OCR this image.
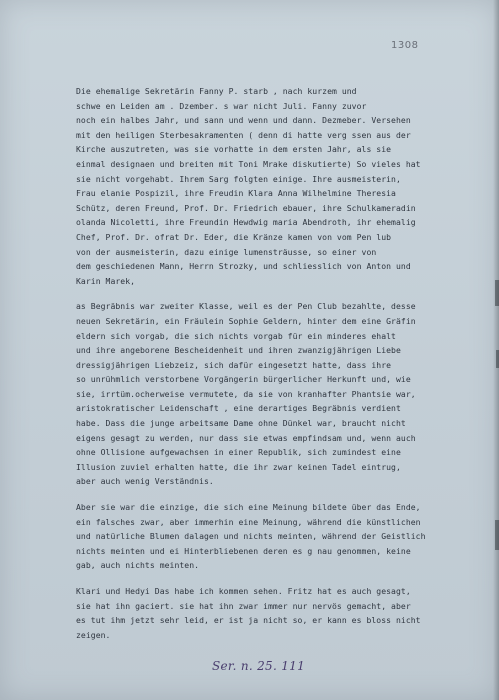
1308
Die ehemalige Sekretärin Fanny P. starb , nach kurzem und
schwe en Leiden am . Dzember. s war nicht Juli. Fanny zuvor
noch ein halbes Jahr, und sann und wenn und dann. Dezmeber. Versehen
mit den heiligen Sterbesakramenten ( denn di hatte verg ssen aus der
Kirche auszutreten, was sie vorhatte in dem ersten Jahr, als sie
einmal designaen und breiten mit Toni Mrake diskutierte) So vieles hat
sie nicht vorgehabt. Ihrem Sarg folgten einige. Ihre ausmeisterin,
Frau elanie Pospizil, ihre Freudin Klara Anna Wilhelmine Theresia
Schütz, deren Freund, Prof. Dr. Friedrich ebauer, ihre Schulkameradin
olanda Nicoletti, ihre Freundin Hewdwig maria Abendroth, ihr ehemalig
Chef, Prof. Dr. ofrat Dr. Eder, die Kränze kamen von vom Pen lub
von der ausmeisterin, dazu einige lumensträusse, so einer von
dem geschiedenen Mann, Herrn Strozky, und schliesslich von Anton und
Karin Marek,
as Begräbnis war zweiter Klasse, weil es der Pen Club bezahlte, desse
neuen Sekretärin, ein Fräulein Sophie Geldern, hinter dem eine Gräfin
eldern sich vorgab, die sich nichts vorgab für ein minderes ehalt
und ihre angeborene Bescheidenheit und ihren zwanzigjährigen Liebe
dressigjährigen Liebzeiz, sich dafür eingesetzt hatte, dass ihre
so unrühmlich verstorbene Vorgängerin bürgerlicher Herkunft und, wie
sie, irrtüm.ocherweise vermutete, da sie von kranhafter Phantsie war,
aristokratischer Leidenschaft , eine derartiges Begräbnis verdient
habe. Dass die junge arbeitsame Dame ohne Dünkel war, braucht nicht
eigens gesagt zu werden, nur dass sie etwas empfindsam und, wenn auch
ohne Ollisione aufgewachsen in einer Republik, sich zumindest eine
Illusion zuviel erhalten hatte, die ihr zwar keinen Tadel eintrug,
aber auch wenig Verständnis.
Aber sie war die einzige, die sich eine Meinung bildete über das Ende,
ein falsches zwar, aber immerhin eine Meinung, während die künstlichen
und natürliche Blumen dalagen und nichts meinten, während der Geistlich
nichts meinten und ei Hinterbliebenen deren es g nau genommen, keine
gab, auch nichts meinten.
Klari und Hedyi Das habe ich kommen sehen. Fritz hat es auch gesagt,
sie hat ihn gaciert. sie hat ihn zwar immer nur nervös gemacht, aber
es tut ihm jetzt sehr leid, er ist ja nicht so, er kann es bloss nicht
zeigen.
Ser. n. 25. 111
